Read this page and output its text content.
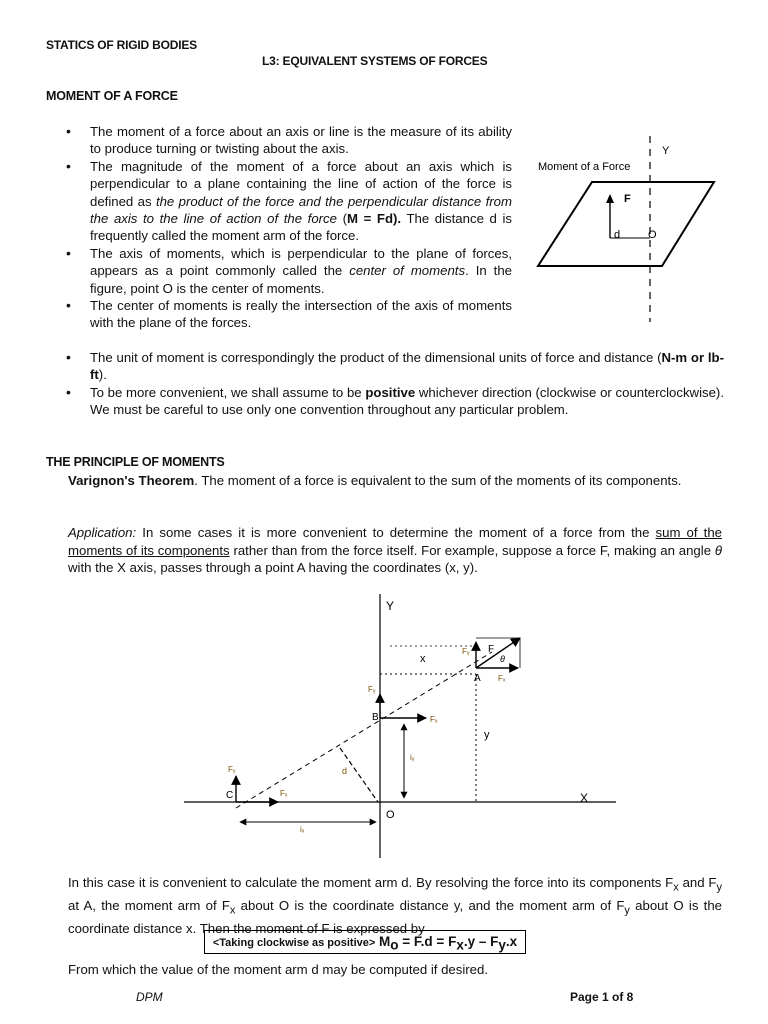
STATICS OF RIGID BODIES
L3: EQUIVALENT SYSTEMS OF FORCES
MOMENT OF A FORCE
• The moment of a force about an axis or line is the measure of its ability to produce turning or twisting about the axis.
• The magnitude of the moment of a force about an axis which is perpendicular to a plane containing the line of action of the force is defined as the product of the force and the perpendicular distance from the axis to the line of action of the force (M = Fd). The distance d is frequently called the moment arm of the force.
• The axis of moments, which is perpendicular to the plane of forces, appears as a point commonly called the center of moments. In the figure, point O is the center of moments.
• The center of moments is really the intersection of the axis of moments with the plane of the forces.
• The unit of moment is correspondingly the product of the dimensional units of force and distance (N-m or lb-ft).
• To be more convenient, we shall assume to be positive whichever direction (clockwise or counterclockwise). We must be careful to use only one convention throughout any particular problem.
Y
Moment of a Force
F
d	O
THE PRINCIPLE OF MOMENTS
Varignon's Theorem. The moment of a force is equivalent to the sum of the moments of its components.
Application: In some cases it is more convenient to determine the moment of a force from the sum of the moments of its components rather than from the force itself. For example, suppose a force F, making an angle θ with the X axis, passes through a point A having the coordinates (x, y).
Y
X
x
y
Fᵧ F
θ
A Fₓ
Fᵧ
B	Fₓ
iᵧ
Fᵧ
C	Fₓ
iₓ
d
O
In this case it is convenient to calculate the moment arm d. By resolving the force into its components $F_x$ and $F_y$ at A, the moment arm of $F_x$ about O is the coordinate distance y, and the moment arm of $F_y$ about O is the coordinate distance x. Then the moment of F is expressed by
<Taking clockwise as positive> $M_o = F.d = F_x.y - F_y.x$
From which the value of the moment arm d may be computed if desired.
DPM	Page 1 of 8
